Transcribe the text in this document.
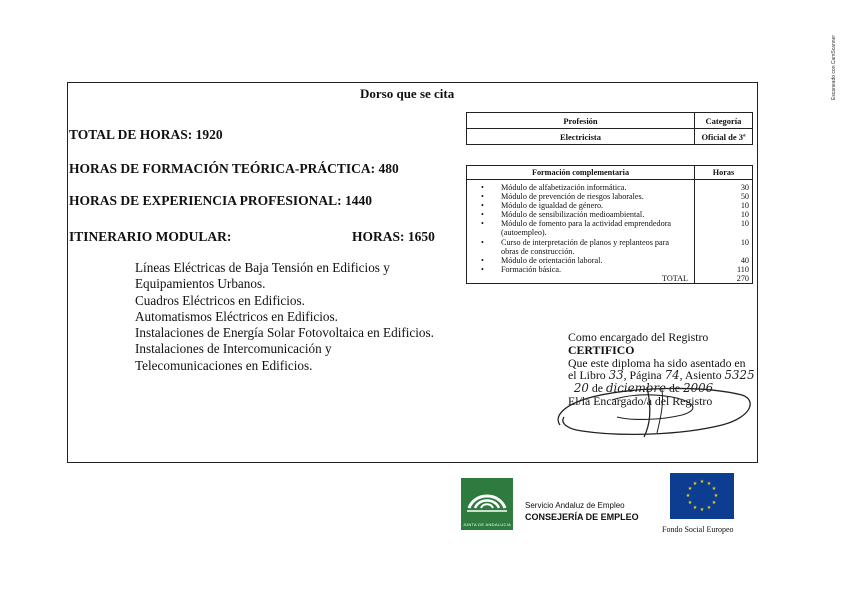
Escaneado con CamScanner
Dorso que se cita
TOTAL DE HORAS: 1920
HORAS DE FORMACIÓN TEÓRICA-PRÁCTICA: 480
HORAS DE EXPERIENCIA PROFESIONAL: 1440
ITINERARIO MODULAR:	HORAS: 1650
Líneas Eléctricas de Baja Tensión en Edificios y
Equipamientos Urbanos.
Cuadros Eléctricos en Edificios.
Automatismos Eléctricos en Edificios.
Instalaciones de Energía Solar Fotovoltaica en Edificios.
Instalaciones de Intercomunicación y
Telecomunicaciones en Edificios.
Profesión	Categoría
Electricista	Oficial de 3ª
Formación complementaria	Horas
• Módulo de alfabetización informática.	30
• Módulo de prevención de riesgos laborales.	50
• Módulo de igualdad de género.	10
• Módulo de sensibilización medioambiental.	10
• Módulo de fomento para la actividad emprendedora (autoempleo).	10
• Curso de interpretación de planos y replanteos para obras de construcción.	10
• Módulo de orientación laboral.	40
• Formación básica.	110
TOTAL	270
Como encargado del Registro
CERTIFICO
Que este diploma ha sido asentado en
el Libro 33, Página 74, Asiento 5325
20 de diciembre de 2006
El/la Encargado/a del Registro
JUNTA DE ANDALUCIA
Servicio Andaluz de Empleo
CONSEJERÍA DE EMPLEO
★ ★
★
★
★
★
★
★
★
★
★
★
Fondo Social Europeo
